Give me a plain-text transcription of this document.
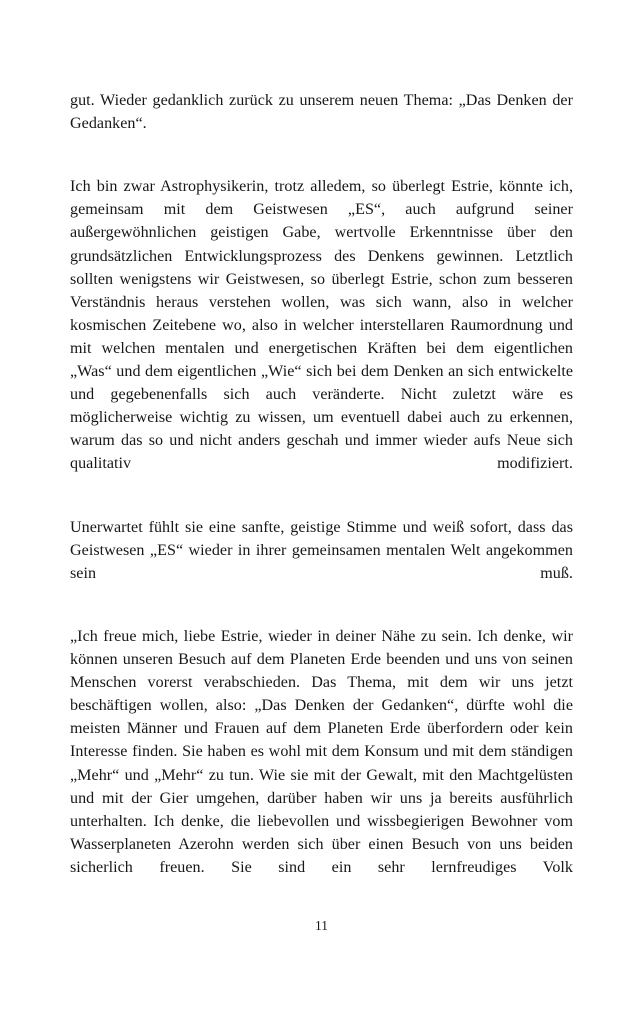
gut. Wieder gedanklich zurück zu unserem neuen Thema: „Das Denken der Gedanken“.

Ich bin zwar Astrophysikerin, trotz alledem, so überlegt Estrie, könnte ich, gemeinsam mit dem Geistwesen „ES“, auch aufgrund seiner außergewöhnlichen geistigen Gabe, wertvolle Erkenntnisse über den grundsätzlichen Entwicklungsprozess des Denkens gewinnen. Letztlich sollten wenigstens wir Geistwesen, so überlegt Estrie, schon zum besseren Verständnis heraus verstehen wollen, was sich wann, also in welcher kosmischen Zeitebene wo, also in welcher interstellaren Raumordnung und mit welchen mentalen und energetischen Kräften bei dem eigentlichen „Was“ und dem eigentlichen „Wie“ sich bei dem Denken an sich entwickelte und gegebenenfalls sich auch veränderte. Nicht zuletzt wäre es möglicherweise wichtig zu wissen, um eventuell dabei auch zu erkennen, warum das so und nicht anders geschah und immer wieder aufs Neue sich qualitativ modifiziert.

Unerwartet fühlt sie eine sanfte, geistige Stimme und weiß sofort, dass das Geistwesen „ES“ wieder in ihrer gemeinsamen mentalen Welt angekommen sein muß.

„Ich freue mich, liebe Estrie, wieder in deiner Nähe zu sein. Ich denke, wir können unseren Besuch auf dem Planeten Erde beenden und uns von seinen Menschen vorerst verabschieden. Das Thema, mit dem wir uns jetzt beschäftigen wollen, also: „Das Denken der Gedanken“, dürfte wohl die meisten Männer und Frauen auf dem Planeten Erde überfordern oder kein Interesse finden. Sie haben es wohl mit dem Konsum und mit dem ständigen „Mehr“ und „Mehr“ zu tun. Wie sie mit der Gewalt, mit den Machtgelüsten und mit der Gier umgehen, darüber haben wir uns ja bereits ausführlich unterhalten. Ich denke, die liebevollen und wissbegierigen Bewohner vom Wasserplaneten Azerohn werden sich über einen Besuch von uns beiden sicherlich freuen. Sie sind ein sehr lernfreudiges Volk

11
